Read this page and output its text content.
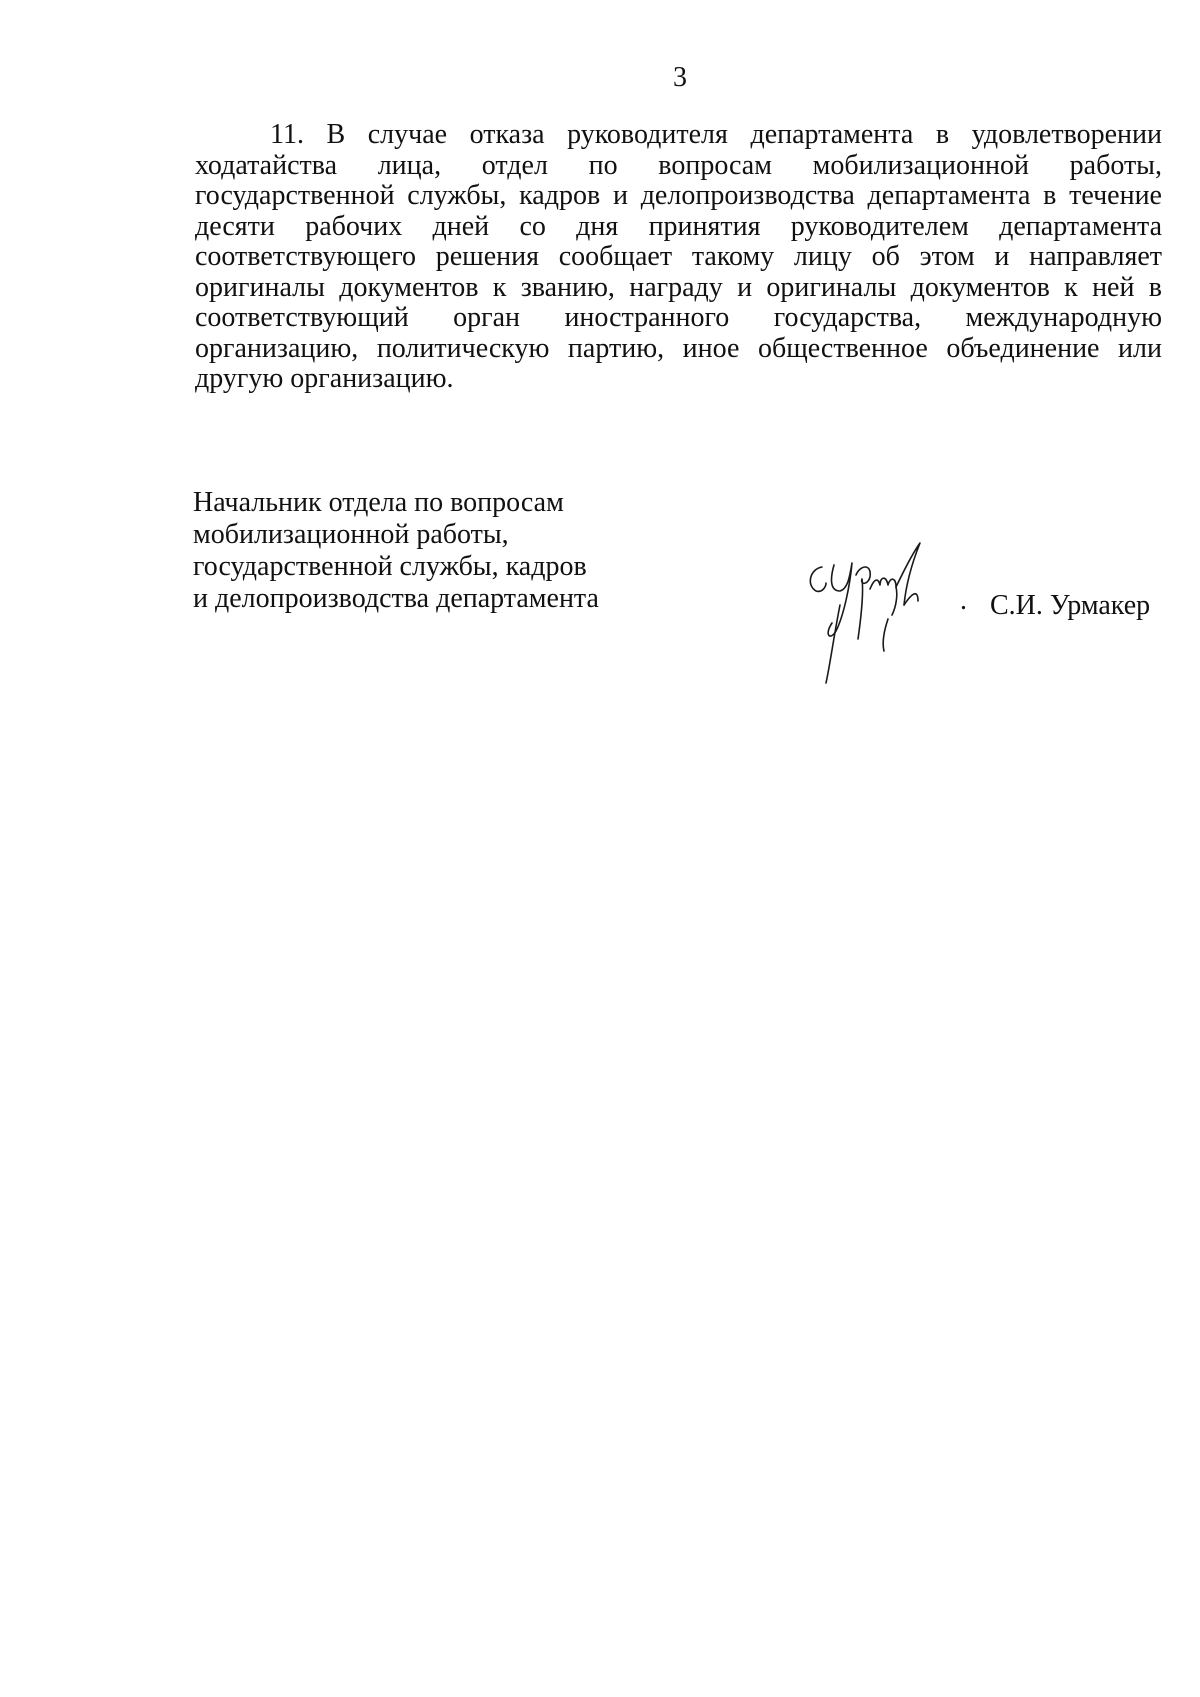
3
11. В случае отказа руководителя департамента в удовлетворении
ходатайства лица, отдел по вопросам мобилизационной работы,
государственной службы, кадров и делопроизводства департамента в течение
десяти рабочих дней со дня принятия руководителем департамента
соответствующего решения сообщает такому лицу об этом и направляет
оригиналы документов к званию, награду и оригиналы документов к ней в
соответствующий орган иностранного государства, международную
организацию, политическую партию, иное общественное объединение или
другую организацию.
Начальник отдела по вопросам
мобилизационной работы,
государственной службы, кадров
и делопроизводства департамента	. С.И. Урмакер
